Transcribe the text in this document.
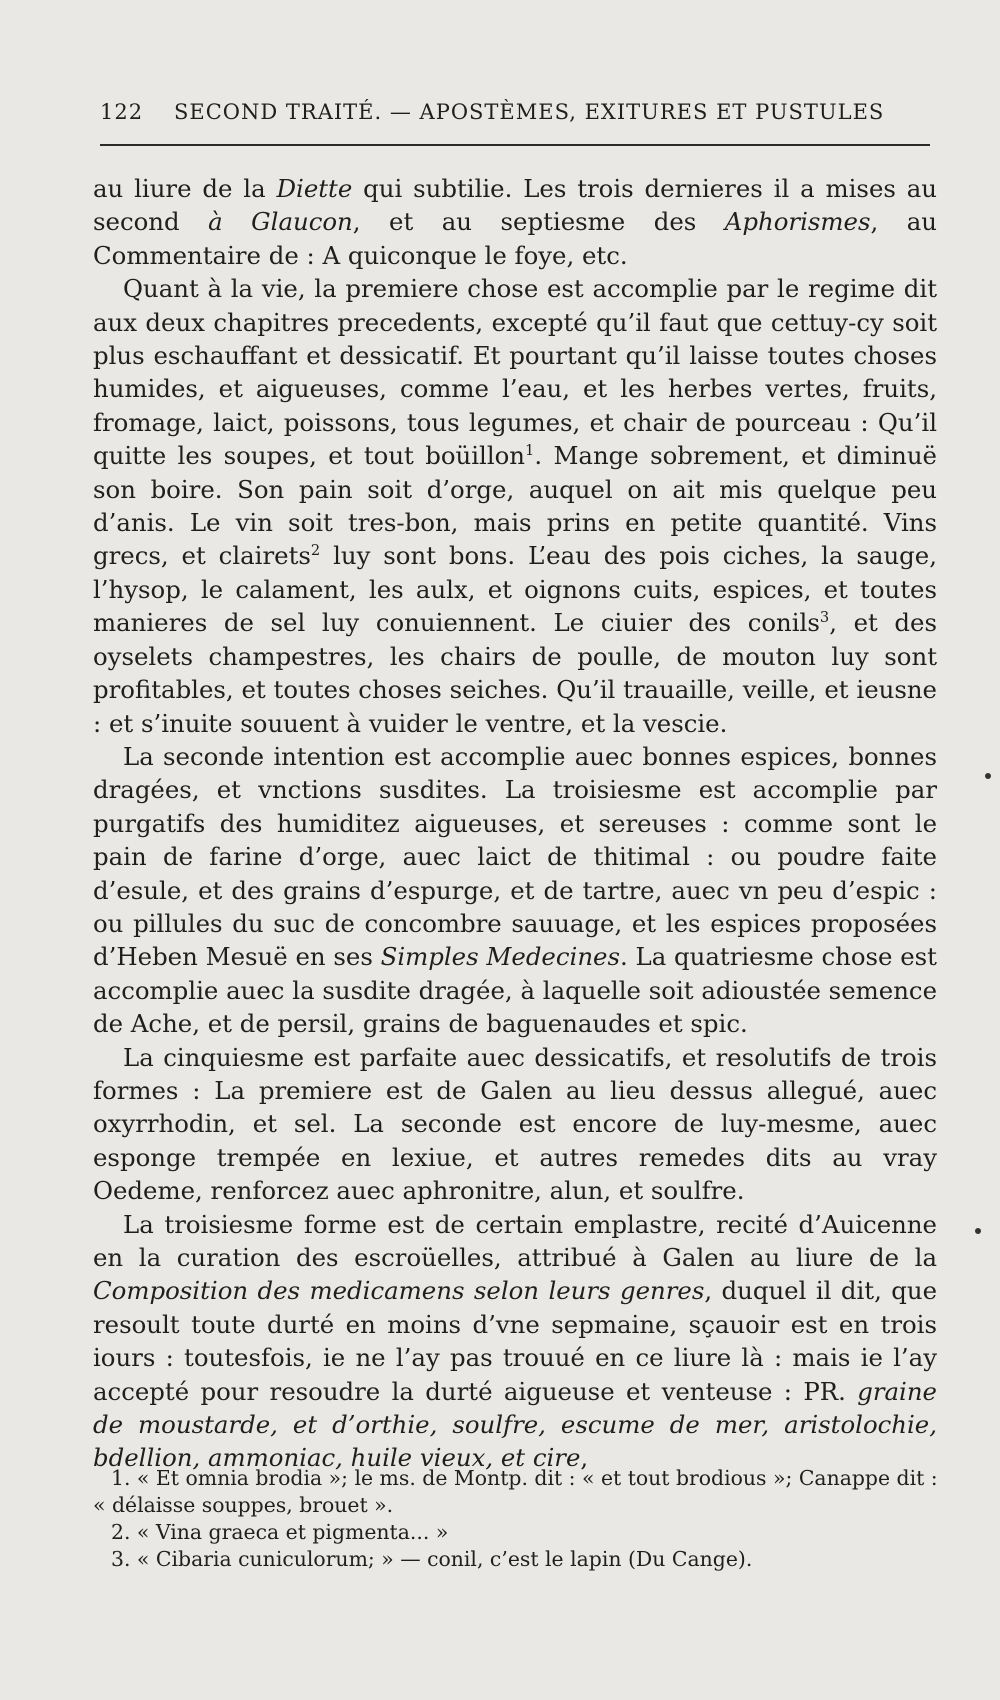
122 SECOND TRAITÉ. — APOSTÈMES, EXITURES ET PUSTULES

au liure de la Diette qui subtilie. Les trois dernieres il a mises au second à Glaucon, et au septiesme des Aphorismes, au Commentaire de : A quiconque le foye, etc.

Quant à la vie, la premiere chose est accomplie par le regime dit aux deux chapitres precedents, excepté qu’il faut que cettuy-cy soit plus eschauffant et dessicatif. Et pourtant qu’il laisse toutes choses humides, et aigueuses, comme l’eau, et les herbes vertes, fruits, fromage, laict, poissons, tous legumes, et chair de pourceau : Qu’il quitte les soupes, et tout boüillon$^1$. Mange sobrement, et diminuë son boire. Son pain soit d’orge, auquel on ait mis quelque peu d’anis. Le vin soit tres-bon, mais prins en petite quantité. Vins grecs, et clairets$^2$ luy sont bons. L’eau des pois ciches, la sauge, l’hysop, le calament, les aulx, et oignons cuits, espices, et toutes manieres de sel luy conuiennent. Le ciuier des conils$^3$, et des oyselets champestres, les chairs de poulle, de mouton luy sont profitables, et toutes choses seiches. Qu’il trauaille, veille, et ieusne : et s’inuite souuent à vuider le ventre, et la vescie.

La seconde intention est accomplie auec bonnes espices, bonnes dragées, et vnctions susdites. La troisiesme est accomplie par purgatifs des humiditez aigueuses, et sereuses : comme sont le pain de farine d’orge, auec laict de thitimal : ou poudre faite d’esule, et des grains d’espurge, et de tartre, auec vn peu d’espic : ou pillules du suc de concombre sauuage, et les espices proposées d’Heben Mesuë en ses Simples Medecines. La quatriesme chose est accomplie auec la susdite dragée, à laquelle soit adioustée semence de Ache, et de persil, grains de baguenaudes et spic.

La cinquiesme est parfaite auec dessicatifs, et resolutifs de trois formes : La premiere est de Galen au lieu dessus allegué, auec oxyrrhodin, et sel. La seconde est encore de luy-mesme, auec esponge trempée en lexiue, et autres remedes dits au vray Oedeme, renforcez auec aphronitre, alun, et soulfre.

La troisiesme forme est de certain emplastre, recité d’Auicenne en la curation des escroüelles, attribué à Galen au liure de la Composition des medicamens selon leurs genres, duquel il dit, que resoult toute durté en moins d’vne sepmaine, sçauoir est en trois iours : toutesfois, ie ne l’ay pas trouué en ce liure là : mais ie l’ay accepté pour resoudre la durté aigueuse et venteuse : PR. graine de moustarde, et d’orthie, soulfre, escume de mer, aristolochie, bdellion, ammoniac, huile vieux, et cire,

1. « Et omnia brodia »; le ms. de Montp. dit : « et tout brodious »; Canappe dit : « délaisse souppes, brouet ».
2. « Vina graeca et pigmenta... »
3. « Cibaria cuniculorum; » — conil, c’est le lapin (Du Cange).
